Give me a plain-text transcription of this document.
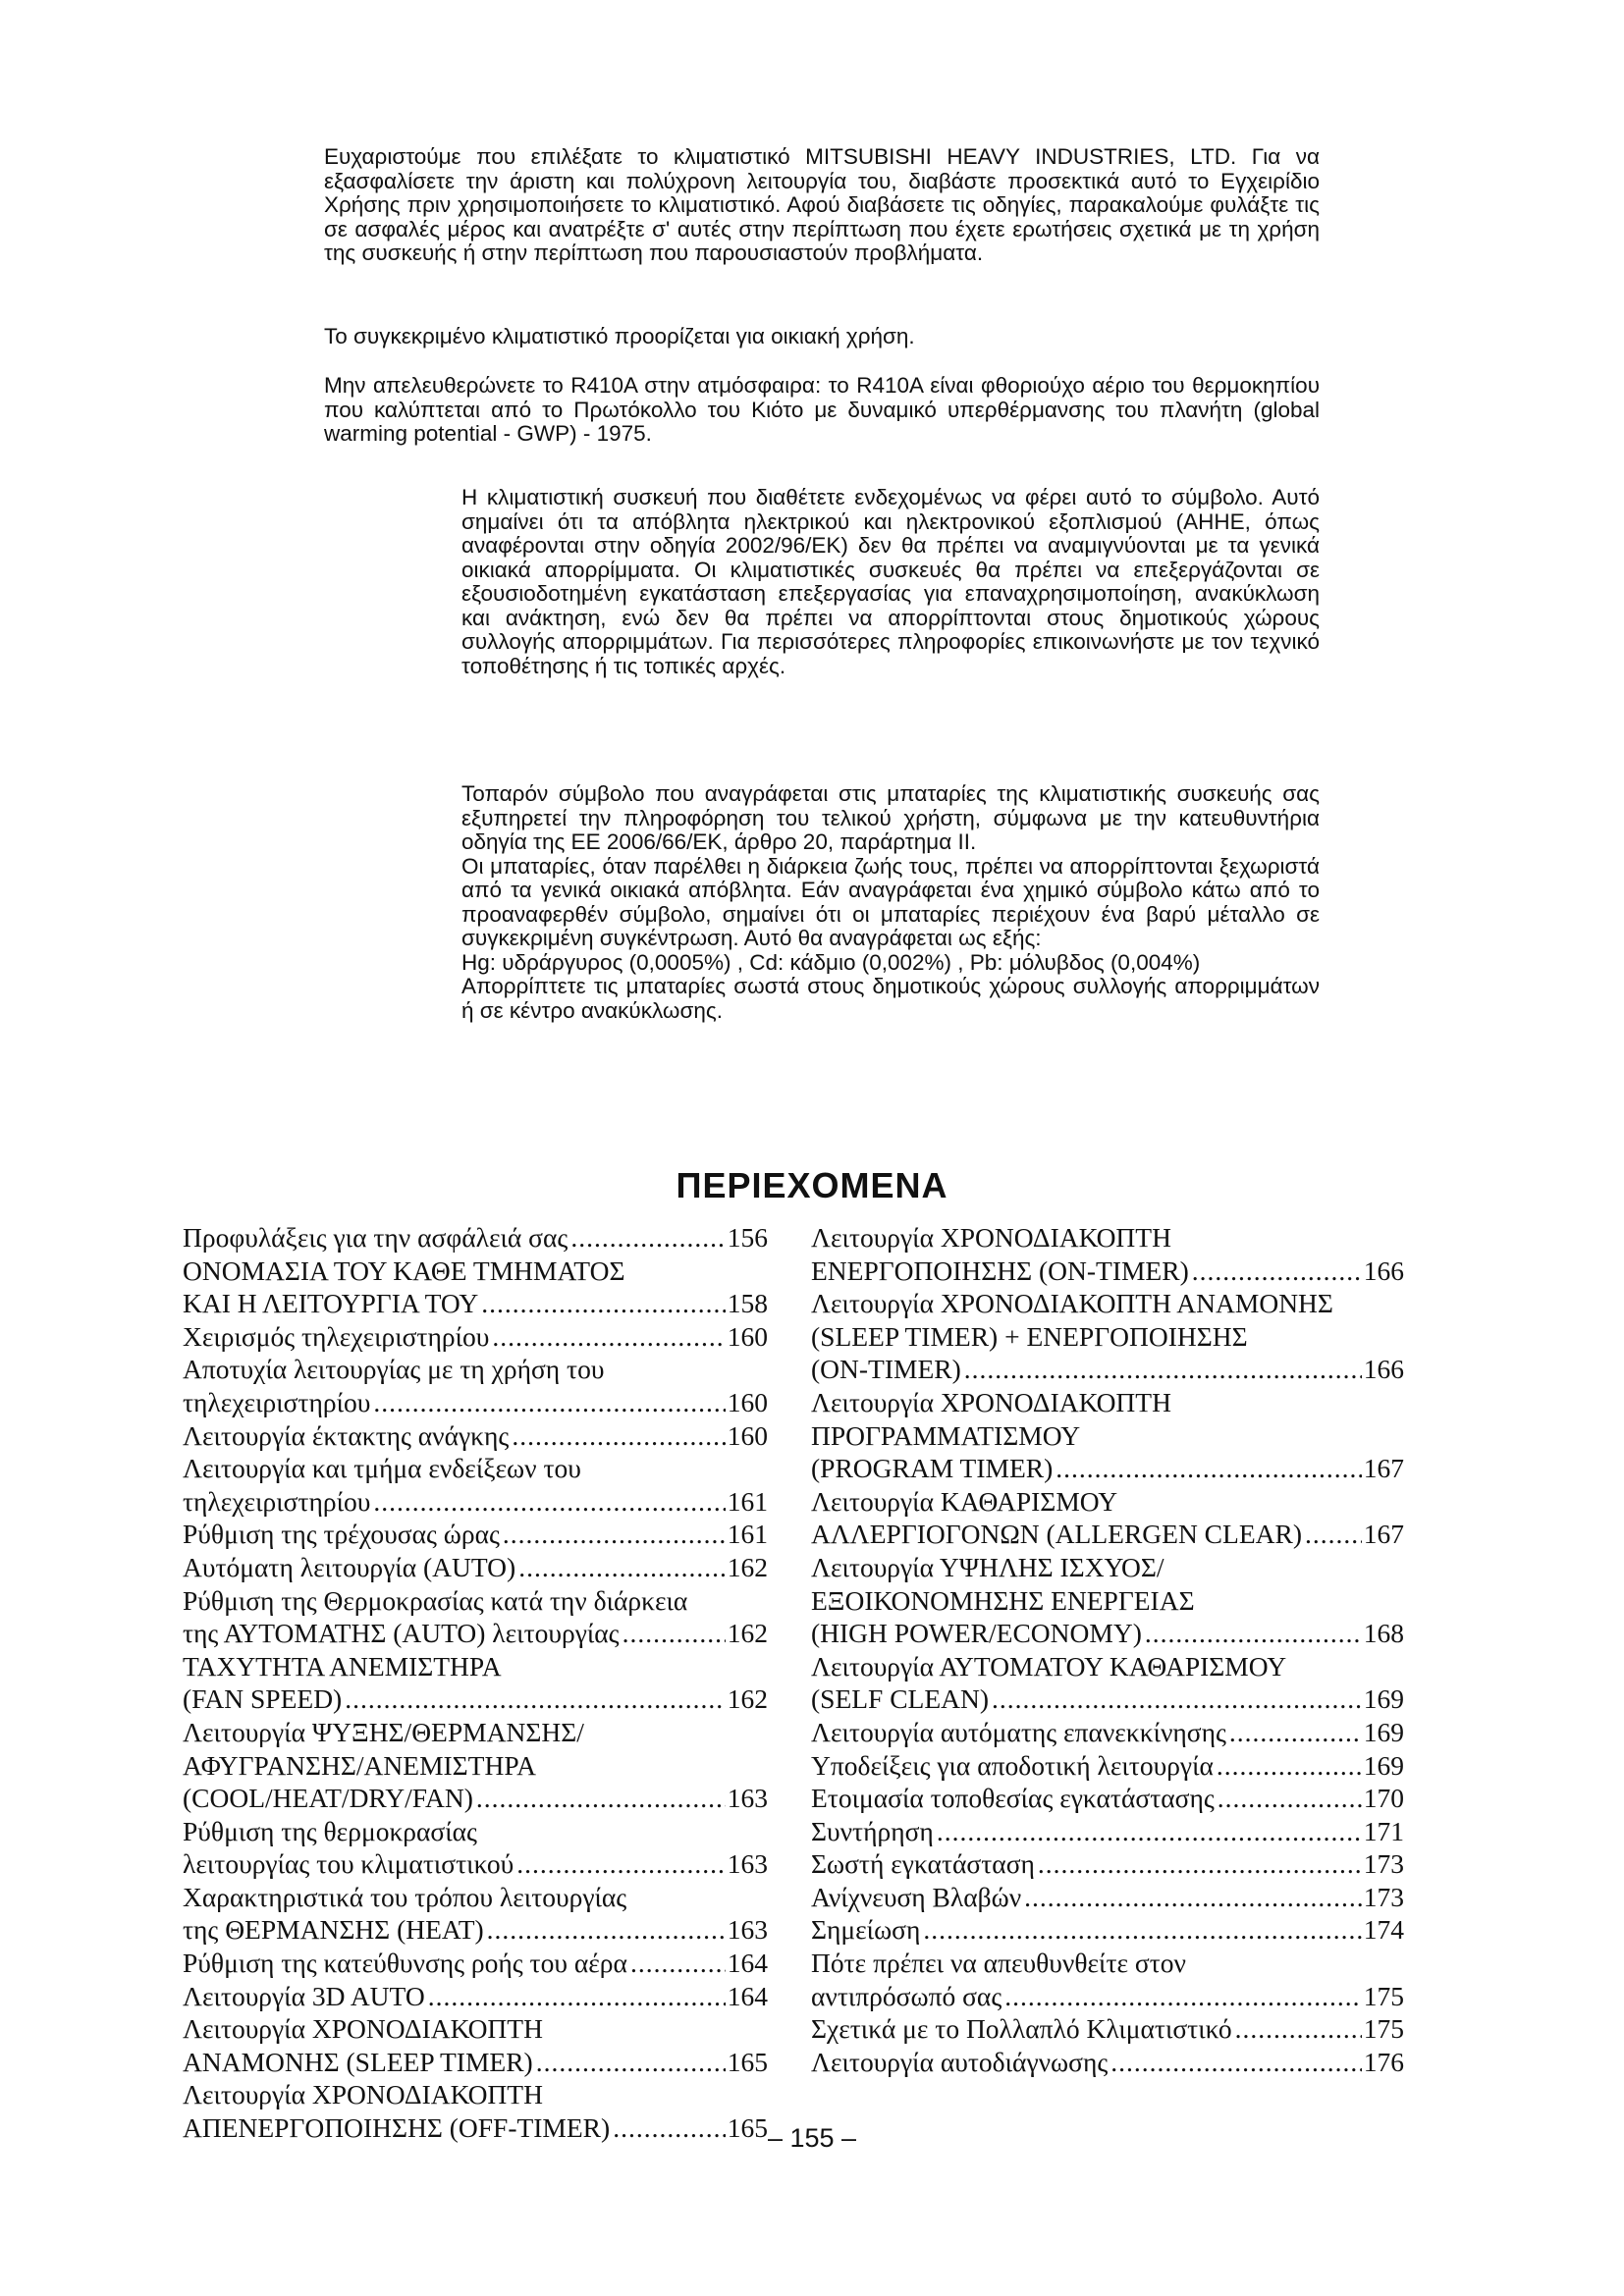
Ευχαριστούμε που επιλέξατε το κλιματιστικό MITSUBISHI HEAVY INDUSTRIES, LTD. Για να εξασφαλίσετε την άριστη και πολύχρονη λειτουργία του, διαβάστε προσεκτικά αυτό το Εγχειρίδιο Χρήσης πριν χρησιμοποιήσετε το κλιματιστικό. Αφού διαβάσετε τις οδηγίες, παρακαλούμε φυλάξτε τις σε ασφαλές μέρος και ανατρέξτε σ' αυτές στην περίπτωση που έχετε ερωτήσεις σχετικά με τη χρήση της συσκευής ή στην περίπτωση που παρουσιαστούν προβλήματα.

Το συγκεκριμένο κλιματιστικό προορίζεται για οικιακή χρήση.

Μην απελευθερώνετε το R410A στην ατμόσφαιρα: το R410A είναι φθοριούχο αέριο του θερμοκηπίου που καλύπτεται από το Πρωτόκολλο του Κιότο με δυναμικό υπερθέρμανσης του πλανήτη (global warming potential - GWP) - 1975.

Η κλιματιστική συσκευή που διαθέτετε ενδεχομένως να φέρει αυτό το σύμβολο. Αυτό σημαίνει ότι τα απόβλητα ηλεκτρικού και ηλεκτρονικού εξοπλισμού (ΑΗΗΕ, όπως αναφέρονται στην οδηγία 2002/96/ΕΚ) δεν θα πρέπει να αναμιγνύονται με τα γενικά οικιακά απορρίμματα. Οι κλιματιστικές συσκευές θα πρέπει να επεξεργάζονται σε εξουσιοδοτημένη εγκατάσταση επεξεργασίας για επαναχρησιμοποίηση, ανακύκλωση και ανάκτηση, ενώ δεν θα πρέπει να απορρίπτονται στους δημοτικούς χώρους συλλογής απορριμμάτων. Για περισσότερες πληροφορίες επικοινωνήστε με τον τεχνικό τοποθέτησης ή τις τοπικές αρχές.

Τοπαρόν σύμβολο που αναγράφεται στις μπαταρίες της κλιματιστικής συσκευής σας εξυπηρετεί την πληροφόρηση του τελικού χρήστη, σύμφωνα με την κατευθυντήρια οδηγία της ΕΕ 2006/66/ΕΚ, άρθρο 20, παράρτημα ΙΙ.

Οι μπαταρίες, όταν παρέλθει η διάρκεια ζωής τους, πρέπει να απορρίπτονται ξεχωριστά από τα γενικά οικιακά απόβλητα. Εάν αναγράφεται ένα χημικό σύμβολο κάτω από το προαναφερθέν σύμβολο, σημαίνει ότι οι μπαταρίες περιέχουν ένα βαρύ μέταλλο σε συγκεκριμένη συγκέντρωση. Αυτό θα αναγράφεται ως εξής:

Hg: υδράργυρος (0,0005%) , Cd: κάδμιο (0,002%) , Pb: μόλυβδος (0,004%)

Απορρίπτετε τις μπαταρίες σωστά στους δημοτικούς χώρους συλλογής απορριμμάτων ή σε κέντρο ανακύκλωσης.

ΠΕΡΙΕΧΟΜΕΝΑ
Προφυλάξεις για την ασφάλειά σας .....	156
ΟΝΟΜΑΣΙΑ ΤΟΥ ΚΑΘΕ ΤΜΗΜΑΤΟΣ
ΚΑΙ Η ΛΕΙΤΟΥΡΓΙΑ ΤΟΥ .....	158
Χειρισμός τηλεχειριστηρίου .....	160
Αποτυχία λειτουργίας με τη χρήση του
τηλεχειριστηρίου .....	160
Λειτουργία έκτακτης ανάγκης .....	160
Λειτουργία και τμήμα ενδείξεων του
τηλεχειριστηρίου .....	161
Ρύθμιση της τρέχουσας ώρας .....	161
Αυτόματη λειτουργία (AUTO) .....	162
Ρύθμιση της Θερμοκρασίας κατά την διάρκεια
της ΑΥΤΟΜΑΤΗΣ (AUTO) λειτουργίας .....	162
ΤΑΧΥΤΗΤΑ ΑΝΕΜΙΣΤΗΡΑ
(FAN SPEED) .....	162
Λειτουργία ΨΥΞΗΣ/ΘΕΡΜΑΝΣΗΣ/
ΑΦΥΓΡΑΝΣΗΣ/ΑΝΕΜΙΣΤΗΡΑ
(COOL/HEAT/DRY/FAN) .....	163
Ρύθμιση της θερμοκρασίας
λειτουργίας του κλιματιστικού .....	163
Χαρακτηριστικά του τρόπου λειτουργίας
της ΘΕΡΜΑΝΣΗΣ (HEAT) .....	163
Ρύθμιση της κατεύθυνσης ροής του αέρα .....	164
Λειτουργία 3D AUTO .....	164
Λειτουργία ΧΡΟΝΟΔΙΑΚΟΠΤΗ
ΑΝΑΜΟΝΗΣ (SLEEP TIMER) .....	165
Λειτουργία ΧΡΟΝΟΔΙΑΚΟΠΤΗ
ΑΠΕΝΕΡΓΟΠΟΙΗΣΗΣ (OFF-TIMER) .....	165
Λειτουργία ΧΡΟΝΟΔΙΑΚΟΠΤΗ
ΕΝΕΡΓΟΠΟΙΗΣΗΣ (ON-TIMER) .....	166
Λειτουργία ΧΡΟΝΟΔΙΑΚΟΠΤΗ ΑΝΑΜΟΝΗΣ
(SLEEP TIMER) + ΕΝΕΡΓΟΠΟΙΗΣΗΣ
(ON-TIMER) .....	166
Λειτουργία ΧΡΟΝΟΔΙΑΚΟΠΤΗ
ΠΡΟΓΡΑΜΜΑΤΙΣΜΟΥ
(PROGRAM TIMER) .....	167
Λειτουργία ΚΑΘΑΡΙΣΜΟΥ
ΑΛΛΕΡΓΙΟΓΟΝΩΝ (ALLERGEN CLEAR) ..... 167
Λειτουργία ΥΨΗΛΗΣ ΙΣΧΥΟΣ/
ΕΞΟΙΚΟΝΟΜΗΣΗΣ ΕΝΕΡΓΕΙΑΣ
(HIGH POWER/ECONOMY) .....	168
Λειτουργία ΑΥΤΟΜΑΤΟΥ ΚΑΘΑΡΙΣΜΟΥ
(SELF CLEAN) .....	169
Λειτουργία αυτόματης επανεκκίνησης .....	169
Υποδείξεις για αποδοτική λειτουργία .....	169
Ετοιμασία τοποθεσίας εγκατάστασης .....	170
Συντήρηση .....	171
Σωστή εγκατάσταση .....	173
Ανίχνευση Βλαβών .....	173
Σημείωση .....	174
Πότε πρέπει να απευθυνθείτε στον
αντιπρόσωπό σας .....	175
Σχετικά με το Πολλαπλό Κλιματιστικό .....	175
Λειτουργία αυτοδιάγνωσης .....	176
– 155 –
